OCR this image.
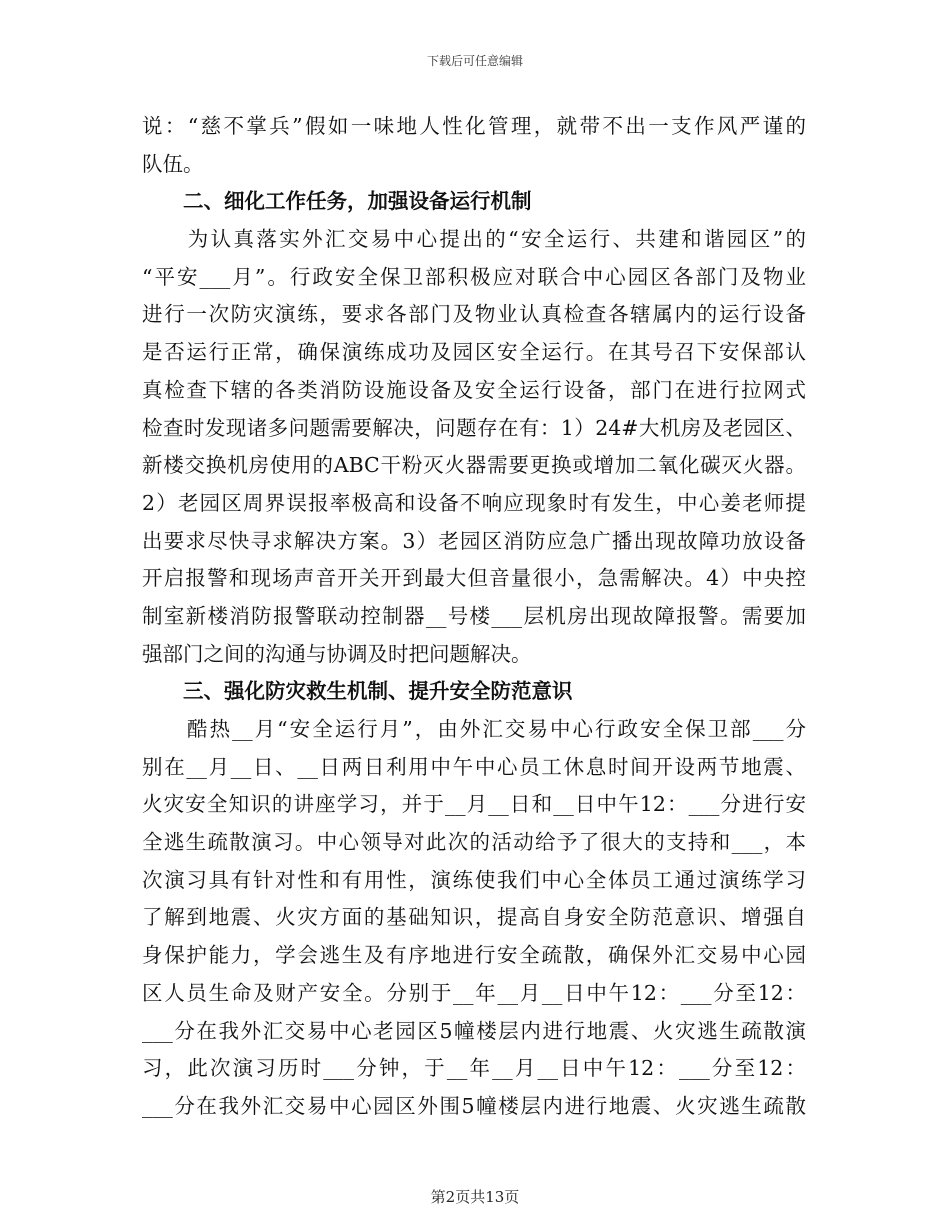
下载后可任意编辑
说：“慈不掌兵”假如一味地人性化管理，就带不出一支作风严谨的
队伍。
　　二、细化工作任务，加强设备运行机制
　　为认真落实外汇交易中心提出的“安全运行、共建和谐园区”的
“平安___月”。行政安全保卫部积极应对联合中心园区各部门及物业
进行一次防灾演练，要求各部门及物业认真检查各辖属内的运行设备
是否运行正常，确保演练成功及园区安全运行。在其号召下安保部认
真检查下辖的各类消防设施设备及安全运行设备，部门在进行拉网式
检查时发现诸多问题需要解决，问题存在有：1）24#大机房及老园区、
新楼交换机房使用的ABC干粉灭火器需要更换或增加二氧化碳灭火器。
2）老园区周界误报率极高和设备不响应现象时有发生，中心姜老师提
出要求尽快寻求解决方案。3）老园区消防应急广播出现故障功放设备
开启报警和现场声音开关开到最大但音量很小，急需解决。4）中央控
制室新楼消防报警联动控制器__号楼___层机房出现故障报警。需要加
强部门之间的沟通与协调及时把问题解决。
　　三、强化防灾救生机制、提升安全防范意识
　　酷热__月“安全运行月”，由外汇交易中心行政安全保卫部___分
别在__月__日、__日两日利用中午中心员工休息时间开设两节地震、
火灾安全知识的讲座学习，并于__月__日和__日中午12：___分进行安
全逃生疏散演习。中心领导对此次的活动给予了很大的支持和___，本
次演习具有针对性和有用性，演练使我们中心全体员工通过演练学习
了解到地震、火灾方面的基础知识，提高自身安全防范意识、增强自
身保护能力，学会逃生及有序地进行安全疏散，确保外汇交易中心园
区人员生命及财产安全。分别于__年__月__日中午12：___分至12：
___分在我外汇交易中心老园区5幢楼层内进行地震、火灾逃生疏散演
习，此次演习历时___分钟，于__年__月__日中午12：___分至12：
___分在我外汇交易中心园区外围5幢楼层内进行地震、火灾逃生疏散
第2页共13页
